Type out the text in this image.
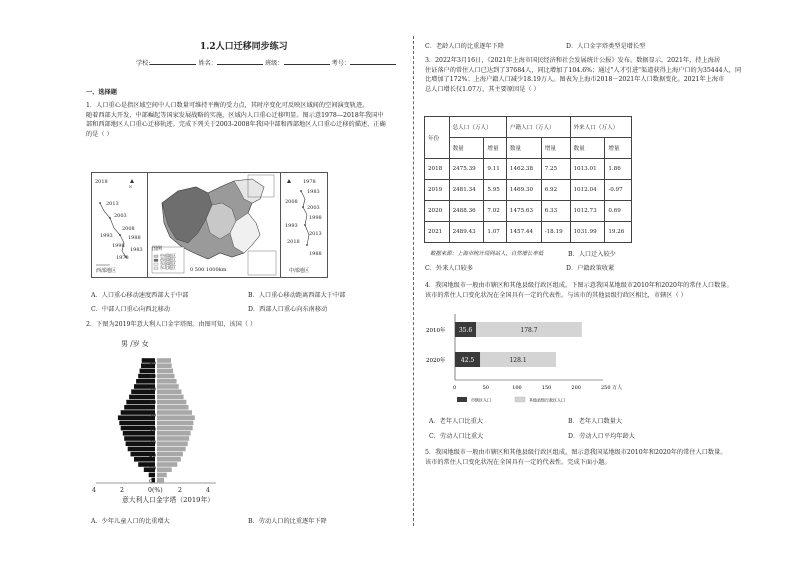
1.2人口迁移同步练习
学校:	姓名：	班级：	考号：
一、选择题
1．人口重心是指区域空间中人口数量可维持平衡的受力点，其时序变化可反映区域间的空间演变轨迹。
随着西部大开发、中部崛起等国家发展战略的实施，区域内人口重心迁移明显。图示意1978—2018年我国中
部和西部地区人口重心迁移轨迹。完成下列关于2003-2008年我国中部和西部地区人口重心迁移的描述，正确
的是（ ）
N
2018
2013
2003
2008
1993	1988
1998
1983
1978
西部地区
图例
中部地区
西部地区
东部地区
东北地区	0 500 1000km
1978
1983
2008
2003
1998
1993
2013
2018
1988
中部地区
A．人口重心移动速度西部大于中部	B．人口重心移动距离西部大于中部
C．中部人口重心向西北移动	D．西部人口重心向东南移动
2．下图为2019年意大利人口金字塔图。由图可知，该国（ ）
男 /岁 女
90
80
70
60
50
40
30
20
10
0
4	2	0 (%) 2	4
意大利人口金字塔（2019年）
A．少年儿童人口的比重增大	B．劳动人口的比重逐年下降
C．老龄人口的比重逐年下降	D．人口金字塔类型是增长型
3．2022年3月16日，《2021年上海市国民经济和社会发展统计公报》发布。数据显示，2021年，持上海居
住证落户的常住人口已达到了37684人，同比增加了104.6%；通过"人才引进"渠道获得上海户口的为35444人，同
比增加了172%；上海户籍人口减少18.19万人。图表为上海市2018－2021年人口数据变化。2021年上海市
总人口增长仅1.07万，其主要原因是（ ）
年份	总人口（万人）		户籍人口（万人）		外来人口（万人）	
	数量	增量	数量	增量	数量	增量
2018	2475.39	9.11	1462.38	7.25	1013.01	1.86
2019	2481.34	5.95	1469.30	6.92	1012.04	-0.97
2020	2488.36	7.02	1475.63	6.33	1012.73	0.69
2021	2489.43	1.07	1457.44	-18.19	1031.99	19.26
数据来源：上海市统计局网站人，自然增长率低	B．人口迁入较少
C．外来人口较多	D．户籍政策收紧
4．我国地级市一般由市辖区和其他县级行政区组成。下图示意我国某地级市2010年和2020年的常住人口数量。
该市的常住人口变化状况在全国具有一定的代表性。与该市的其他县级行政区相比，市辖区（ ）
2010年 35.6	178.7
2020年	42.5	128.1
0	50	100	150	200	250 万人
市辖区人口	其他县级行政区人口
A．老年人口比重大	B．老年人口数量大
C．劳动人口比重大	D．劳动人口平均年龄大
5．我国地级市一般由市辖区和其他县级行政区组成。图示意我国某地级市2010年和2020年的常住人口数量。
该市的常住人口变化状况在全国具有一定的代表性。完成下面小题。
